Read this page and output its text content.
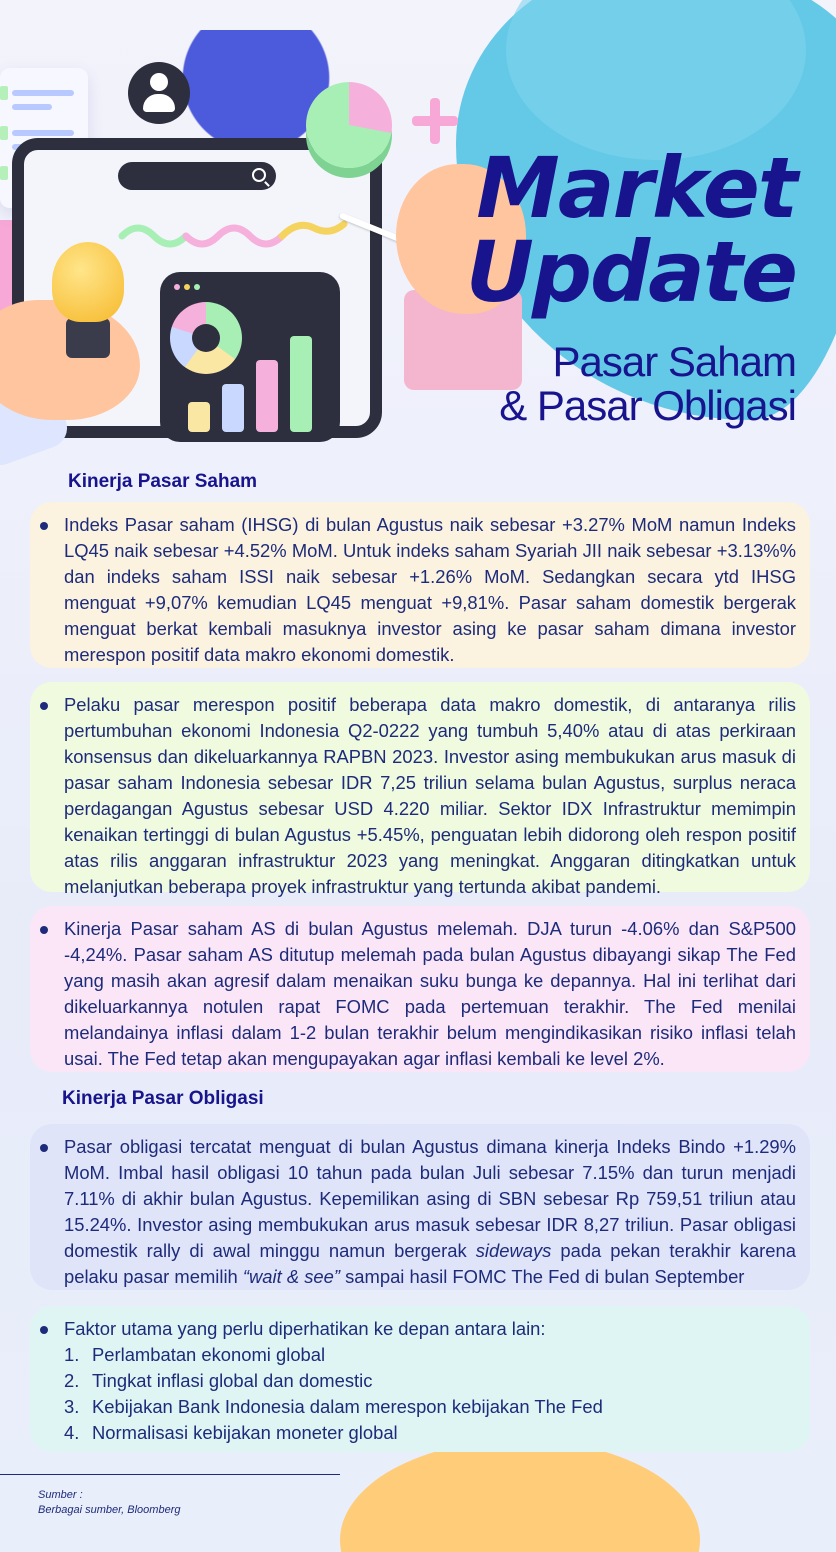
Market
Update
Pasar Saham
& Pasar Obligasi
Kinerja Pasar Saham

Indeks Pasar saham (IHSG) di bulan Agustus naik sebesar +3.27% MoM namun Indeks LQ45 naik sebesar +4.52% MoM. Untuk indeks saham Syariah JII naik sebesar +3.13%% dan indeks saham ISSI naik sebesar +1.26% MoM. Sedangkan secara ytd IHSG menguat +9,07% kemudian LQ45 menguat +9,81%. Pasar saham domestik bergerak menguat berkat kembali masuknya investor asing ke pasar saham dimana investor merespon positif data makro ekonomi domestik.

Pelaku pasar merespon positif beberapa data makro domestik, di antaranya rilis pertumbuhan ekonomi Indonesia Q2-0222 yang tumbuh 5,40% atau di atas perkiraan konsensus dan dikeluarkannya RAPBN 2023. Investor asing membukukan arus masuk di pasar saham Indonesia sebesar IDR 7,25 triliun selama bulan Agustus, surplus neraca perdagangan Agustus sebesar USD 4.220 miliar. Sektor IDX Infrastruktur memimpin kenaikan tertinggi di bulan Agustus +5.45%, penguatan lebih didorong oleh respon positif atas rilis anggaran infrastruktur 2023 yang meningkat. Anggaran ditingkatkan untuk melanjutkan beberapa proyek infrastruktur yang tertunda akibat pandemi.

Kinerja Pasar saham AS di bulan Agustus melemah. DJA turun -4.06% dan S&P500 -4,24%. Pasar saham AS ditutup melemah pada bulan Agustus dibayangi sikap The Fed yang masih akan agresif dalam menaikan suku bunga ke depannya. Hal ini terlihat dari dikeluarkannya notulen rapat FOMC pada pertemuan terakhir. The Fed menilai melandainya inflasi dalam 1-2 bulan terakhir belum mengindikasikan risiko inflasi telah usai. The Fed tetap akan mengupayakan agar inflasi kembali ke level 2%.

Kinerja Pasar Obligasi

Pasar obligasi tercatat menguat di bulan Agustus dimana kinerja Indeks Bindo +1.29% MoM. Imbal hasil obligasi 10 tahun pada bulan Juli sebesar 7.15% dan turun menjadi 7.11% di akhir bulan Agustus. Kepemilikan asing di SBN sebesar Rp 759,51 triliun atau 15.24%. Investor asing membukukan arus masuk sebesar IDR 8,27 triliun. Pasar obligasi domestik rally di awal minggu namun bergerak sideways pada pekan terakhir karena pelaku pasar memilih “wait & see” sampai hasil FOMC The Fed di bulan September

Faktor utama yang perlu diperhatikan ke depan antara lain:

1. Perlambatan ekonomi global
2. Tingkat inflasi global dan domestic
3. Kebijakan Bank Indonesia dalam merespon kebijakan The Fed
4. Normalisasi kebijakan moneter global
Sumber :
Berbagai sumber, Bloomberg
